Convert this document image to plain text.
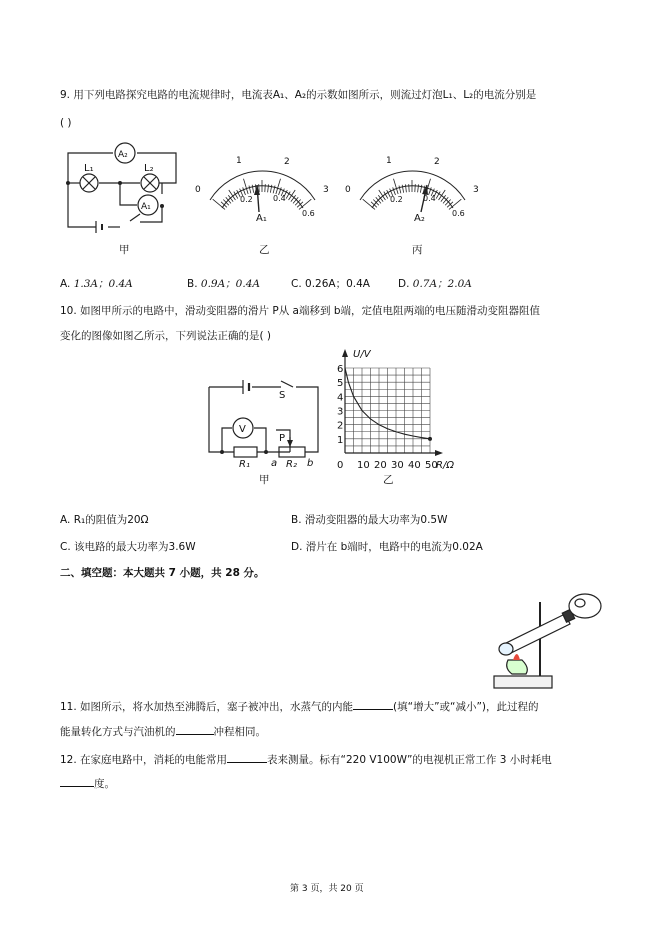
9. 用下列电路探究电路的电流规律时，电流表A₁、A₂的示数如图所示，则流过灯泡L₁、L₂的电流分别是
( )
L₁	L₂
A₂
A₁
0
1	2
3
0.2	0.4
0.6
A₁
0
1	2
3
0.2	0.4
0.6
A₂
甲	乙	丙
A. 1.3A；0.4A	B. 0.9A；0.4A	C. 0.26A；0.4A	D. 0.7A；2.0A
10. 如图甲所示的电路中，滑动变阻器的滑片 P从 a端移到 b端，定值电阻两端的电压随滑动变阻器阻值
变化的图像如图乙所示，下列说法正确的是( )
S
V
P
R₁ a R₂ b
甲
0 10 20 30 40 50
1
2
3
4
5
6
U/V
R/Ω
乙
A. R₁的阻值为20Ω	B. 滑动变阻器的最大功率为0.5W
C. 该电路的最大功率为3.6W	D. 滑片在 b端时，电路中的电流为0.02A
二、填空题：本大题共 7 小题，共 28 分。
11. 如图所示，将水加热至沸腾后，塞子被冲出，水蒸气的内能	(填“增大”或“减小”)，此过程的
能量转化方式与汽油机的	冲程相同。
12. 在家庭电路中，消耗的电能常用	表来测量。标有“220 V100W”的电视机正常工作 3 小时耗电
度。
第 3 页，共 20 页
